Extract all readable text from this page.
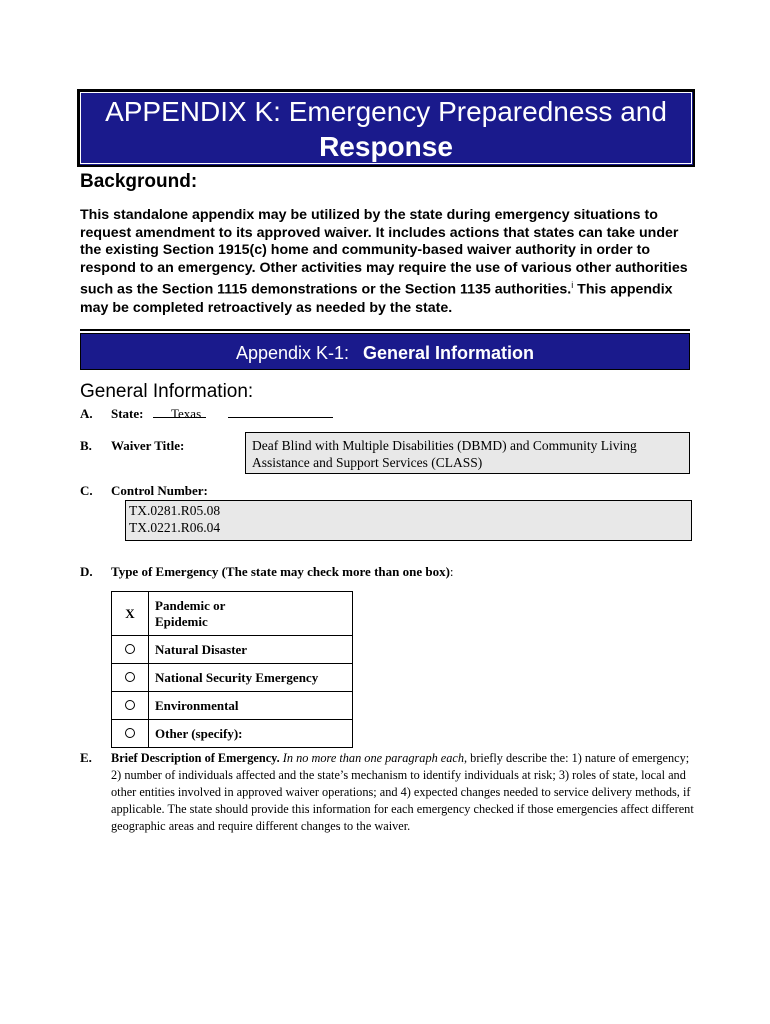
APPENDIX K: Emergency Preparedness and
Response
Background:
This standalone appendix may be utilized by the state during emergency situations to request amendment to its approved waiver. It includes actions that states can take under the existing Section 1915(c) home and community-based waiver authority in order to respond to an emergency. Other activities may require the use of various other authorities such as the Section 1115 demonstrations or the Section 1135 authorities.$^i$ This appendix may be completed retroactively as needed by the state.
Appendix K-1: General Information
General Information:
A. State: Texas
B. Waiver Title:	Deaf Blind with Multiple Disabilities (DBMD) and Community Living
Assistance and Support Services (CLASS)
C. Control Number:
TX.0281.R05.08
TX.0221.R06.04
D. Type of Emergency (The state may check more than one box):
X	Pandemic or
Epidemic

	Natural Disaster
	National Security Emergency
	Environmental
	Other (specify):
E. Brief Description of Emergency. In no more than one paragraph each, briefly describe the: 1) nature of emergency; 2) number of individuals affected and the state’s mechanism to identify individuals at risk; 3) roles of state, local and other entities involved in approved waiver operations; and 4) expected changes needed to service delivery methods, if applicable. The state should provide this information for each emergency checked if those emergencies affect different geographic areas and require different changes to the waiver.
